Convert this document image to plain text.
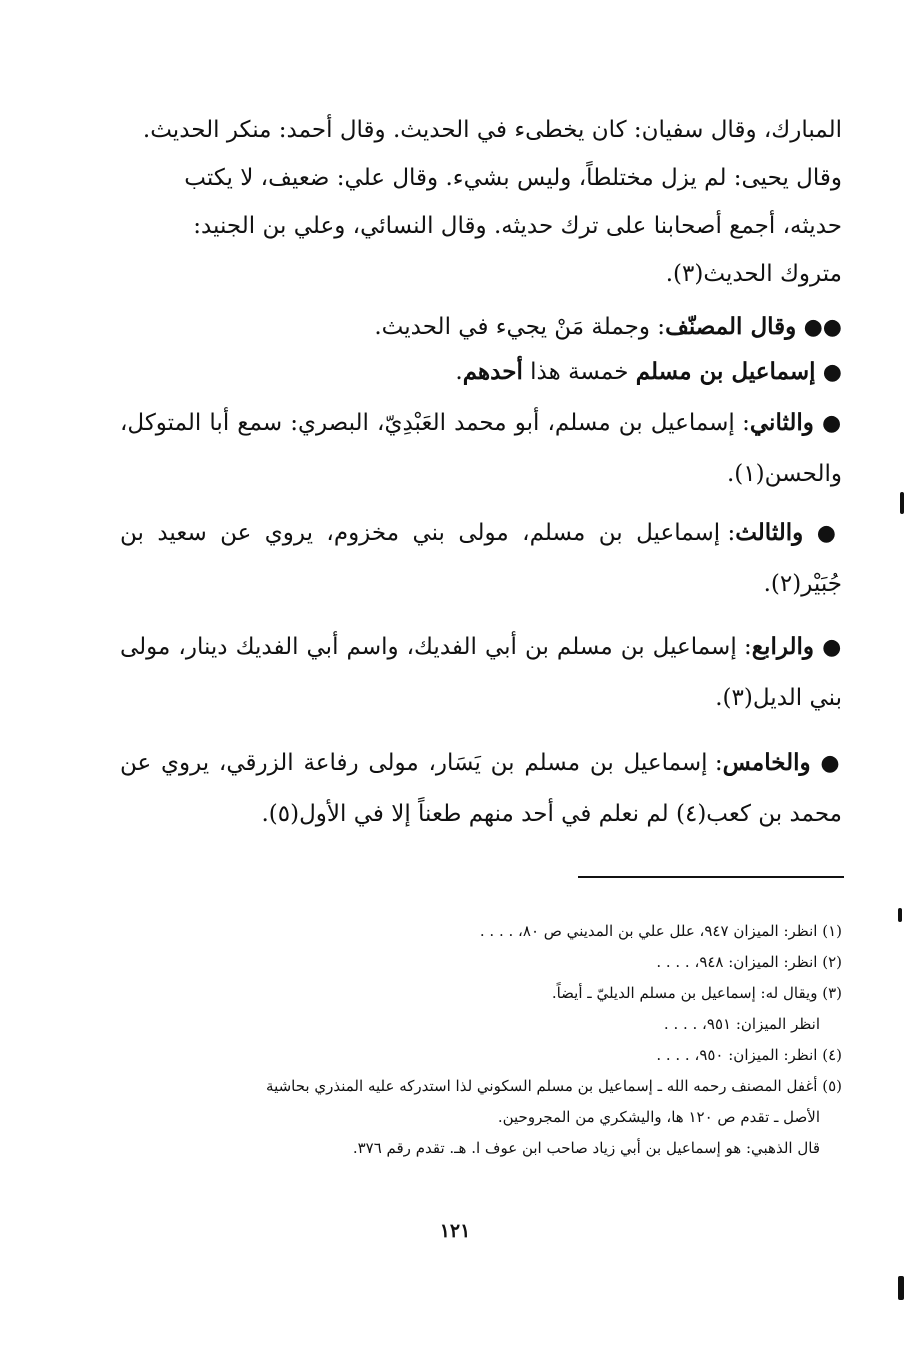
المبارك، وقال سفيان: كان يخطىء في الحديث. وقال أحمد: منكر الحديث.
وقال يحيى: لم يزل مختلطاً، وليس بشيء. وقال علي: ضعيف، لا يكتب
حديثه، أجمع أصحابنا على ترك حديثه. وقال النسائي، وعلي بن الجنيد:
متروك الحديث(٣).
●● وقال المصنّف: وجملة مَنْ يجيء في الحديث.
● إسماعيل بن مسلم خمسة هذا أحدهم.
● والثاني: إسماعيل بن مسلم، أبو محمد العَبْدِيّ، البصري: سمع أبا المتوكل، والحسن(١).
● والثالث: إسماعيل بن مسلم، مولى بني مخزوم، يروي عن سعيد بن جُبَيْر(٢).
● والرابع: إسماعيل بن مسلم بن أبي الفديك، واسم أبي الفديك دينار، مولى بني الديل(٣).
● والخامس: إسماعيل بن مسلم بن يَسَار، مولى رفاعة الزرقي، يروي عن محمد بن كعب(٤) لم نعلم في أحد منهم طعناً إلا في الأول(٥).

(١) انظر: الميزان ٩٤٧، علل علي بن المديني ص ٨٠، . . . .

(٢) انظر: الميزان: ٩٤٨، . . . .

(٣) ويقال له: إسماعيل بن مسلم الديليّ ـ أيضاً.

انظر الميزان: ٩٥١، . . . .

(٤) انظر: الميزان: ٩٥٠، . . . .

(٥) أغفل المصنف رحمه الله ـ إسماعيل بن مسلم السكوني لذا استدركه عليه المنذري بحاشية

الأصل ـ تقدم ص ١٢٠ ها، واليشكري من المجروحين.

قال الذهبي: هو إسماعيل بن أبي زياد صاحب ابن عوف ا. هـ. تقدم رقم ٣٧٦.

١٢١
